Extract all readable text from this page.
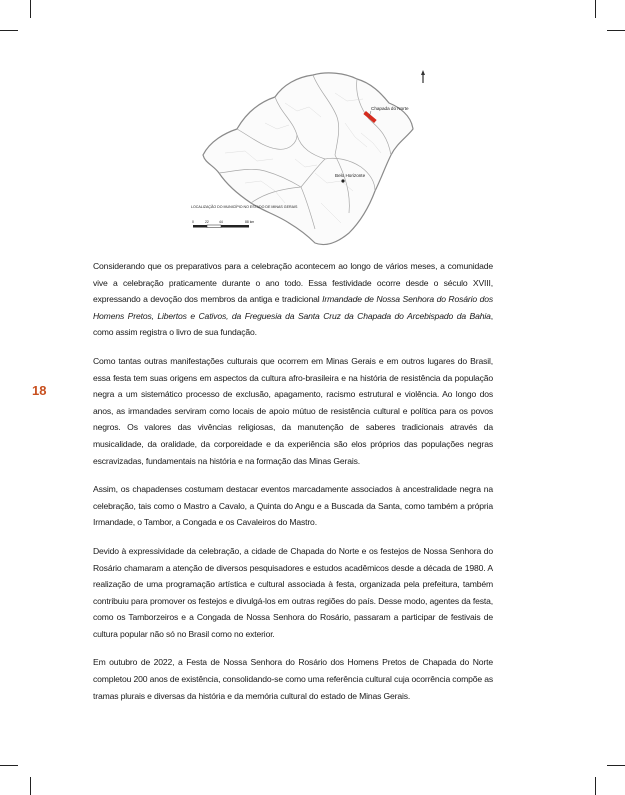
18
Chapada do Norte
Belo Horizonte
LOCALIZAÇÃO DO MUNICÍPIO NO ESTADO DE MINAS GERAIS
0	22	44	88 km

Considerando que os preparativos para a celebração acontecem ao longo de vários meses, a comunidade vive a celebração praticamente durante o ano todo. Essa festividade ocorre desde o século XVIII, expressando a devoção dos membros da antiga e tradicional Irmandade de Nossa Senhora do Rosário dos Homens Pretos, Libertos e Cativos, da Freguesia da Santa Cruz da Chapada do Arcebispado da Bahia, como assim registra o livro de sua fundação.

Como tantas outras manifestações culturais que ocorrem em Minas Gerais e em outros lugares do Brasil, essa festa tem suas origens em aspectos da cultura afro-brasileira e na história de resistência da população negra a um sistemático processo de exclusão, apagamento, racismo estrutural e violência. Ao longo dos anos, as irmandades serviram como locais de apoio mútuo de resistência cultural e política para os povos negros. Os valores das vivências religiosas, da manutenção de saberes tradicionais através da musicalidade, da oralidade, da corporeidade e da experiência são elos próprios das populações negras escravizadas, fundamentais na história e na formação das Minas Gerais.

Assim, os chapadenses costumam destacar eventos marcadamente associados à ancestralidade negra na celebração, tais como o Mastro a Cavalo, a Quinta do Angu e a Buscada da Santa, como também a própria Irmandade, o Tambor, a Congada e os Cavaleiros do Mastro.

Devido à expressividade da celebração, a cidade de Chapada do Norte e os festejos de Nossa Senhora do Rosário chamaram a atenção de diversos pesquisadores e estudos acadêmicos desde a década de 1980. A realização de uma programação artística e cultural associada à festa, organizada pela prefeitura, também contribuiu para promover os festejos e divulgá-los em outras regiões do país. Desse modo, agentes da festa, como os Tamborzeiros e a Congada de Nossa Senhora do Rosário, passaram a participar de festivais de cultura popular não só no Brasil como no exterior.

Em outubro de 2022, a Festa de Nossa Senhora do Rosário dos Homens Pretos de Chapada do Norte completou 200 anos de existência, consolidando-se como uma referência cultural cuja ocorrência compõe as tramas plurais e diversas da história e da memória cultural do estado de Minas Gerais.
